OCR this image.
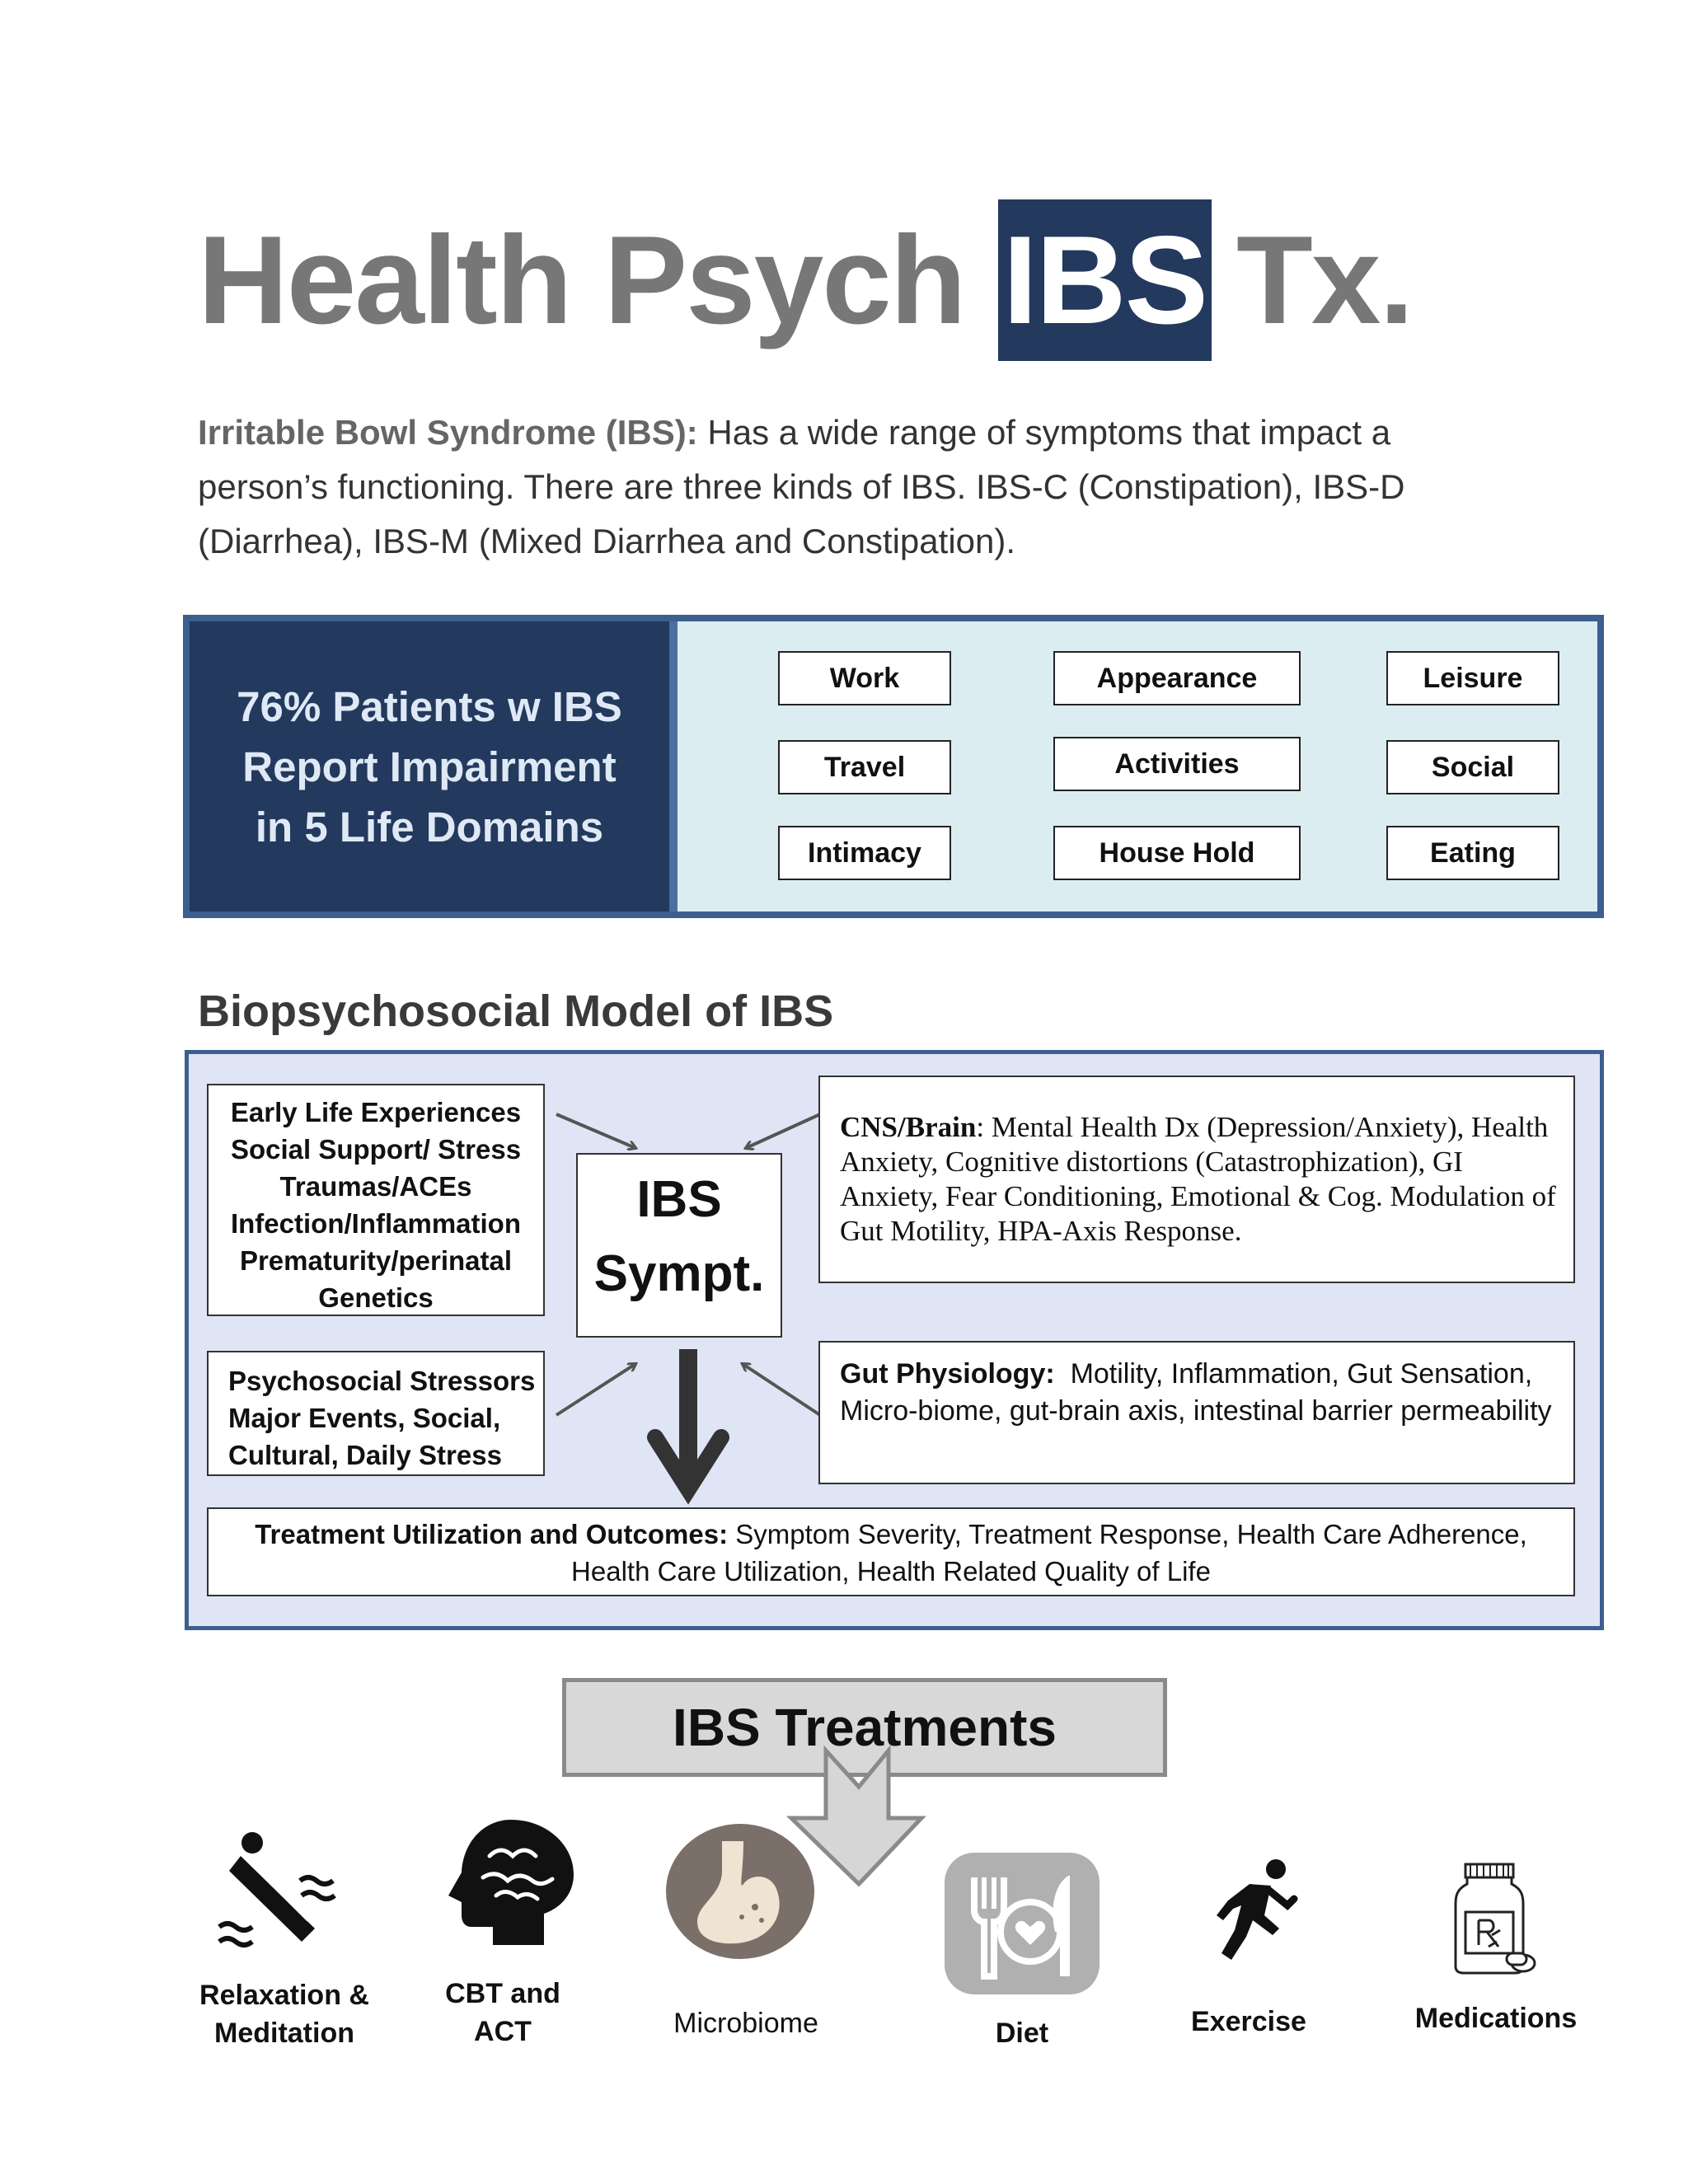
Health Psych IBS Tx.
Irritable Bowl Syndrome (IBS): Has a wide range of symptoms that impact a person’s functioning. There are three kinds of IBS. IBS-C (Constipation), IBS-D (Diarrhea), IBS-M (Mixed Diarrhea and Constipation).
76% Patients w IBS
Report Impairment
in 5 Life Domains
Work	Appearance	Leisure
Travel	Activities	Social
Intimacy	House Hold	Eating
Biopsychosocial Model of IBS
Early Life Experiences
Social Support/ Stress
Traumas/ACEs
Infection/Inflammation
Prematurity/perinatal
Genetics
IBS
Sympt.
CNS/Brain: Mental Health Dx (Depression/Anxiety), Health Anxiety, Cognitive distortions (Catastrophization), GI Anxiety, Fear Conditioning, Emotional & Cog. Modulation of Gut Motility, HPA-Axis Response.
Psychosocial Stressors
Major Events, Social,
Cultural, Daily Stress
Gut Physiology:  Motility, Inflammation, Gut Sensation, Micro-biome, gut-brain axis, intestinal barrier permeability
Treatment Utilization and Outcomes: Symptom Severity, Treatment Response, Health Care Adherence, Health Care Utilization, Health Related Quality of Life
IBS Treatments
Relaxation &
Meditation
CBT and
ACT	Microbiome	Diet	Exercise	Medications
